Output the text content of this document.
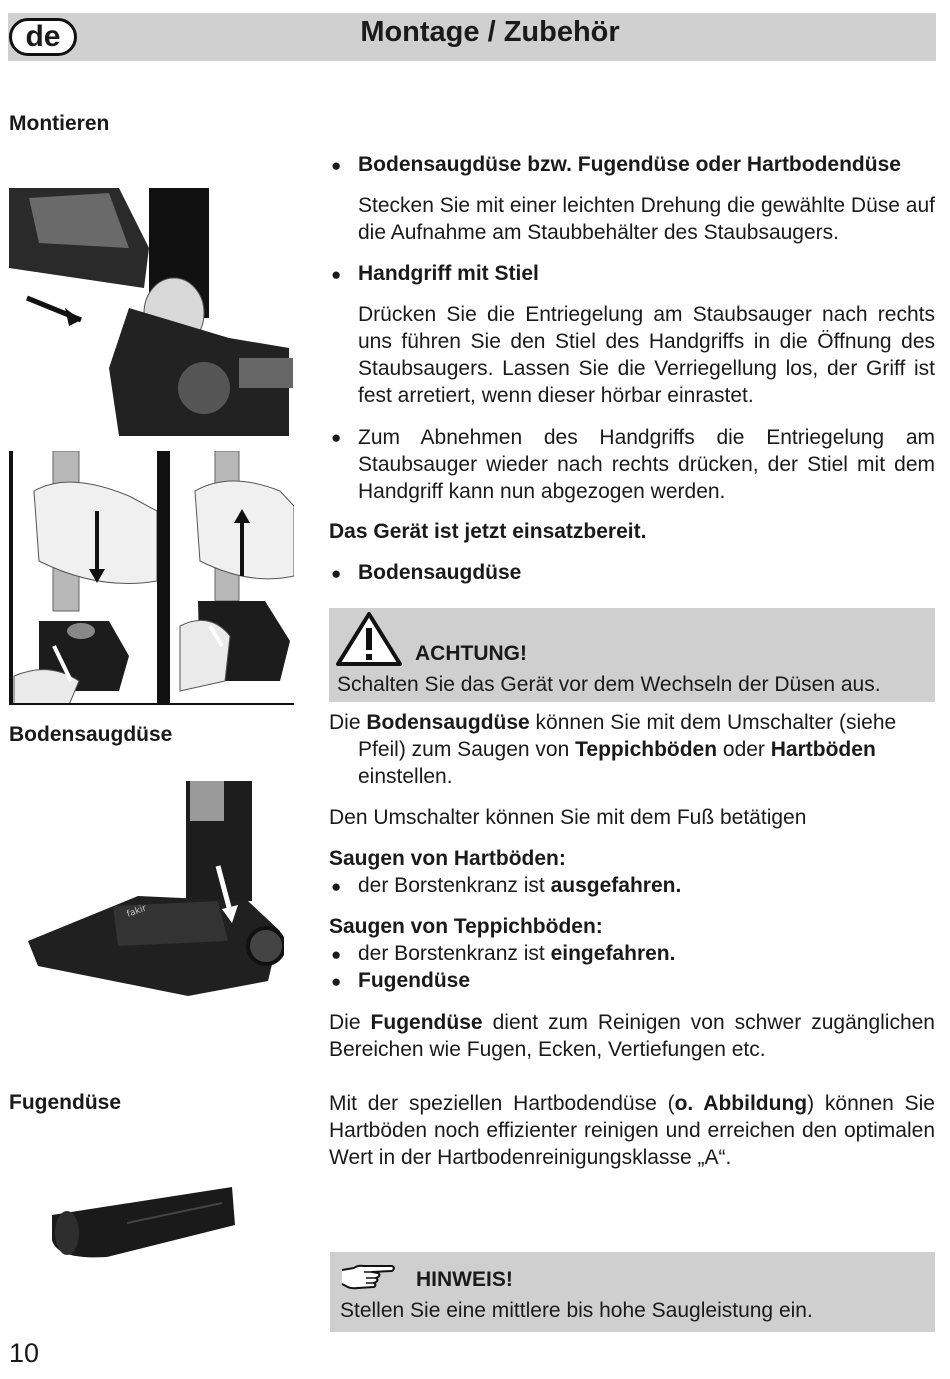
de	Montage / Zubehör
Montieren
Bodensaugdüse
Fugendüse
fakir
● Bodensaugdüse bzw. Fugendüse oder Hartbodendüse
Stecken Sie mit einer leichten Drehung die gewählte Düse auf die Aufnahme am Staubbehälter des Staubsaugers.
● Handgriff mit Stiel
Drücken Sie die Entriegelung am Staubsauger nach rechts uns führen Sie den Stiel des Handgriffs in die Öffnung des Staubsaugers. Lassen Sie die Verriegellung los, der Griff ist fest arretiert, wenn dieser hörbar einrastet.
● Zum Abnehmen des Handgriffs die Entriegelung am Staubsauger wieder nach rechts drücken, der Stiel mit dem Handgriff kann nun abgezogen werden.
Das Gerät ist jetzt einsatzbereit.
● Bodensaugdüse
ACHTUNG!
Schalten Sie das Gerät vor dem Wechseln der Düsen aus.
Die Bodensaugdüse können Sie mit dem Umschalter (siehe
Pfeil) zum Saugen von Teppichböden oder Hartböden
einstellen.
Den Umschalter können Sie mit dem Fuß betätigen
Saugen von Hartböden:
● der Borstenkranz ist ausgefahren.
Saugen von Teppichböden:
● der Borstenkranz ist eingefahren.
● Fugendüse
Die Fugendüse dient zum Reinigen von schwer zugänglichen Bereichen wie Fugen, Ecken, Vertiefungen etc.
Mit der speziellen Hartbodendüse (o. Abbildung) können Sie Hartböden noch effizienter reinigen und erreichen den optimalen Wert in der Hartbodenreinigungsklasse „A“.
HINWEIS!
Stellen Sie eine mittlere bis hohe Saugleistung ein.
10
